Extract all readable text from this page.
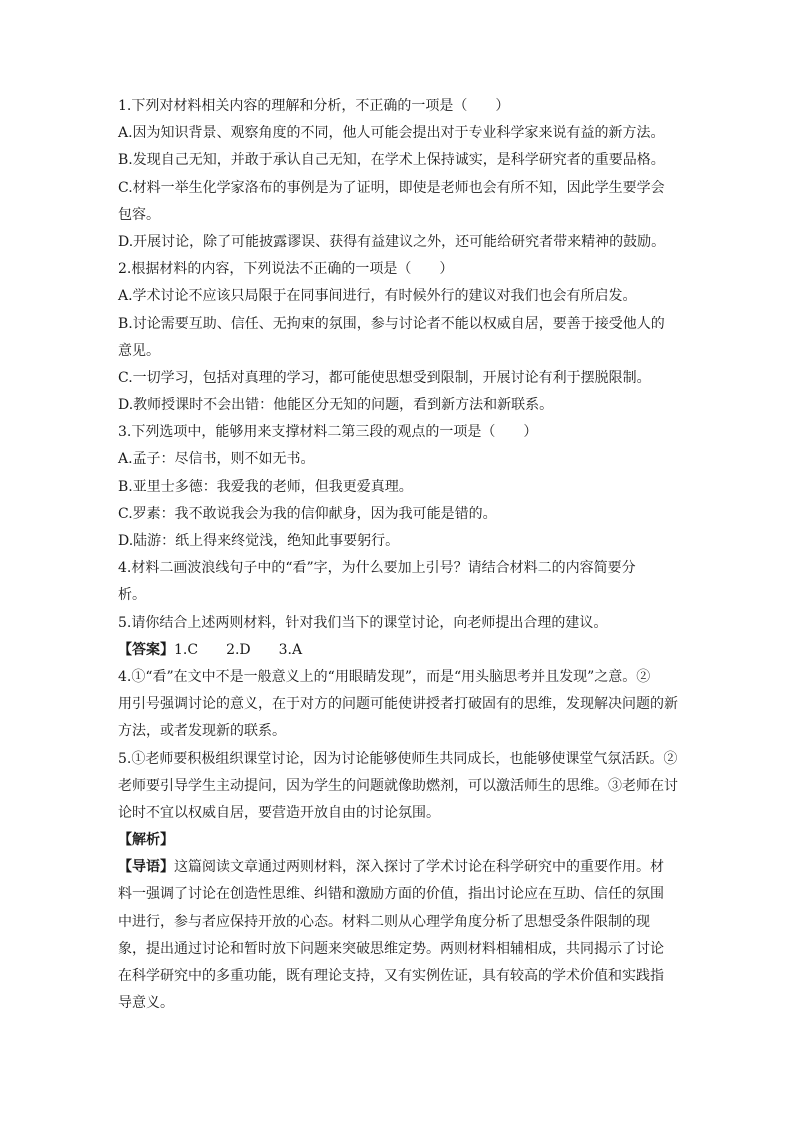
1.下列对材料相关内容的理解和分析，不正确的一项是（　　）
A.因为知识背景、观察角度的不同，他人可能会提出对于专业科学家来说有益的新方法。
B.发现自己无知，并敢于承认自己无知，在学术上保持诚实，是科学研究者的重要品格。
C.材料一举生化学家洛布的事例是为了证明，即使是老师也会有所不知，因此学生要学会
包容。
D.开展讨论，除了可能披露谬误、获得有益建议之外，还可能给研究者带来精神的鼓励。
2.根据材料的内容，下列说法不正确的一项是（　　）
A.学术讨论不应该只局限于在同事间进行，有时候外行的建议对我们也会有所启发。
B.讨论需要互助、信任、无拘束的氛围，参与讨论者不能以权威自居，要善于接受他人的
意见。
C.一切学习，包括对真理的学习，都可能使思想受到限制，开展讨论有利于摆脱限制。
D.教师授课时不会出错：他能区分无知的问题，看到新方法和新联系。
3.下列选项中，能够用来支撑材料二第三段的观点的一项是（　　）
A.孟子：尽信书，则不如无书。
B.亚里士多德：我爱我的老师，但我更爱真理。
C.罗素：我不敢说我会为我的信仰献身，因为我可能是错的。
D.陆游：纸上得来终觉浅，绝知此事要躬行。
4.材料二画波浪线句子中的“看”字，为什么要加上引号？请结合材料二的内容简要分
析。
5.请你结合上述两则材料，针对我们当下的课堂讨论，向老师提出合理的建议。
【答案】1.C　　2.D　　3.A
4.①“看”在文中不是一般意义上的“用眼睛发现”，而是“用头脑思考并且发现”之意。②
用引号强调讨论的意义，在于对方的问题可能使讲授者打破固有的思维，发现解决问题的新
方法，或者发现新的联系。
5.①老师要积极组织课堂讨论，因为讨论能够使师生共同成长，也能够使课堂气氛活跃。②
老师要引导学生主动提问，因为学生的问题就像助燃剂，可以激活师生的思维。③老师在讨
论时不宜以权威自居，要营造开放自由的讨论氛围。
【解析】
【导语】这篇阅读文章通过两则材料，深入探讨了学术讨论在科学研究中的重要作用。材
料一强调了讨论在创造性思维、纠错和激励方面的价值，指出讨论应在互助、信任的氛围
中进行，参与者应保持开放的心态。材料二则从心理学角度分析了思想受条件限制的现
象，提出通过讨论和暂时放下问题来突破思维定势。两则材料相辅相成，共同揭示了讨论
在科学研究中的多重功能，既有理论支持，又有实例佐证，具有较高的学术价值和实践指
导意义。
